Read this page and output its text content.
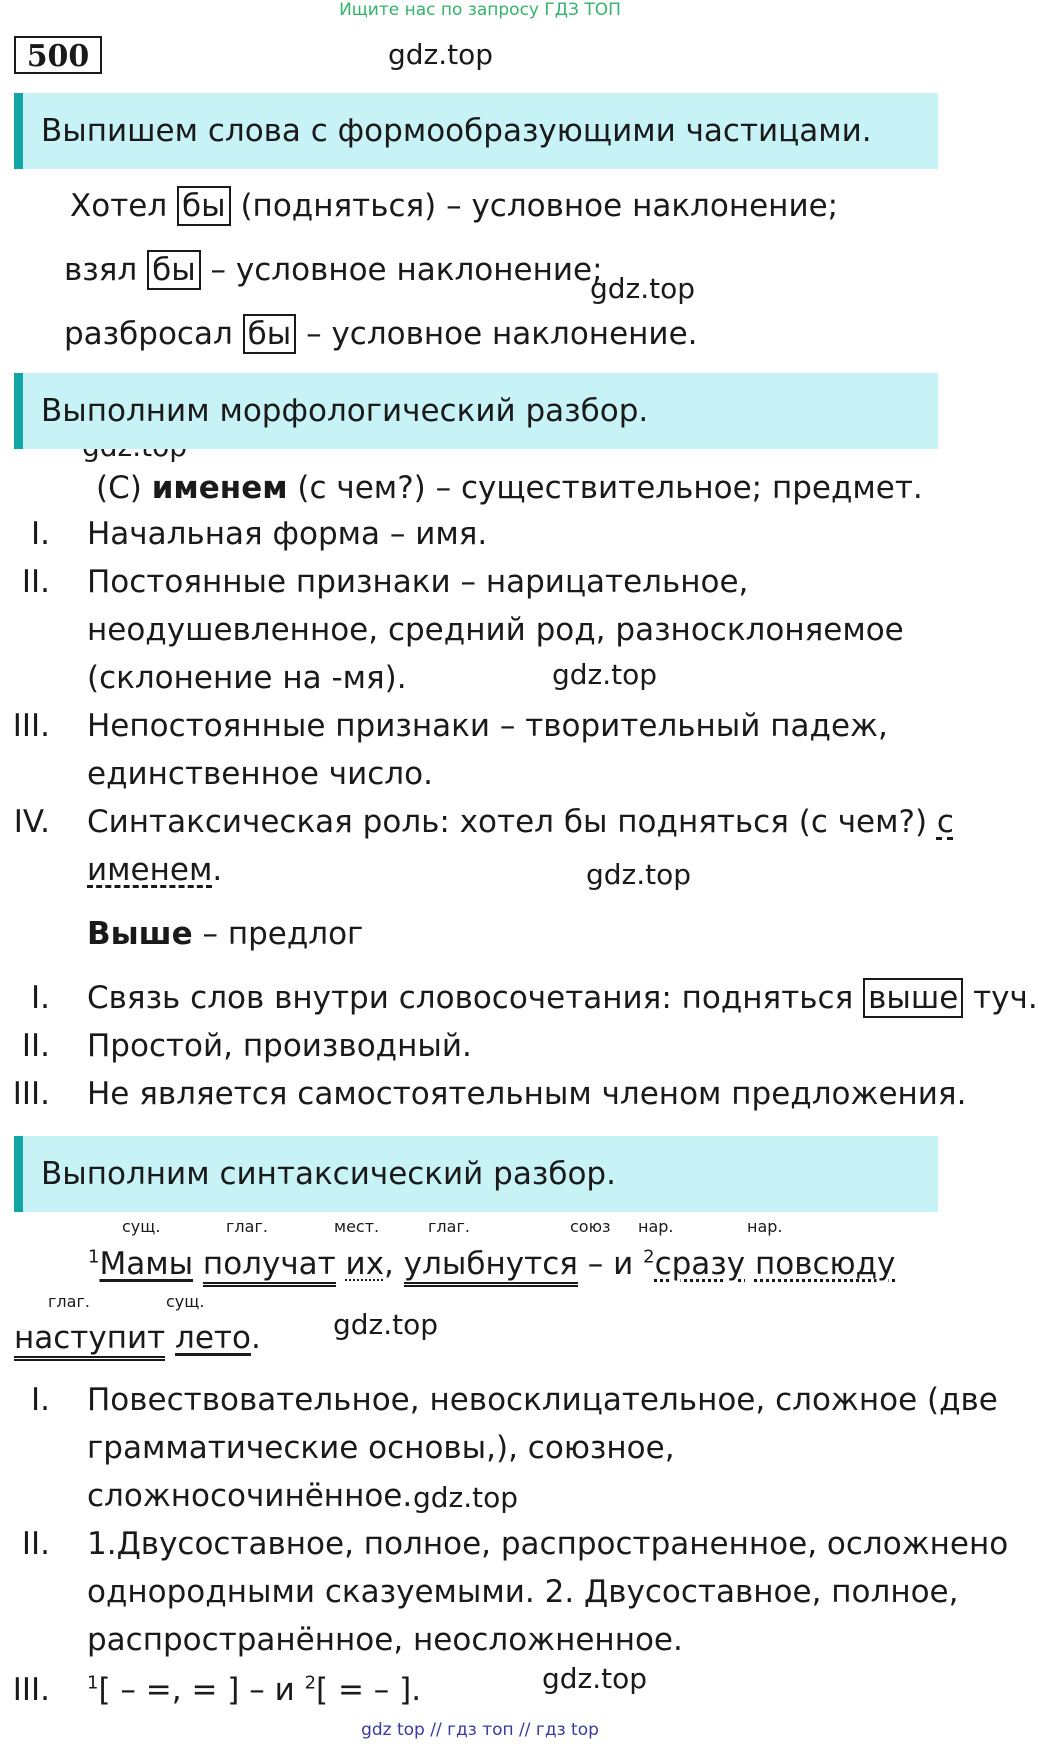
Ищите нас по запросу ГДЗ ТОП
500	gdz.top
gdz.top
gdz.top
gdz.top
gdz.top
gdz.top
gdz.top
Выпишем слова с формообразующими частицами.
Хотел бы (подняться) – условное наклонение;
взял бы – условное наклонение;
разбросал бы – условное наклонение.
Выполним морфологический разбор.
(С) именем (с чем?) – существительное; предмет.
I. Начальная форма – имя.
II. Постоянные признаки – нарицательное,
неодушевленное, средний род, разносклоняемое
(склонение на -мя).
III. Непостоянные признаки – творительный падеж,
единственное число.
IV. Синтаксическая роль: хотел бы подняться (с чем?) с
именем.
Выше – предлог
I. Связь слов внутри словосочетания: подняться выше туч.
II. Простой, производный.
III. Не является самостоятельным членом предложения.
Выполним синтаксический разбор.
сущ.	глаг.	мест.	глаг.	союз нар.	нар.
$^1$Мамы получат их, улыбнутся – и $^2$сразу повсюду
глаг.	сущ.
наступит лето.
I. Повествовательное, невосклицательное, сложное (две
грамматические основы,), союзное,
сложносочинённое.
II. 1.Двусоставное, полное, распространенное, осложнено
однородными сказуемыми. 2. Двусоставное, полное,
распространённое, неосложненное.
III. $^1$[ – =, = ] – и $^2$[ = – ].
gdz top // гдз топ // гдз top
